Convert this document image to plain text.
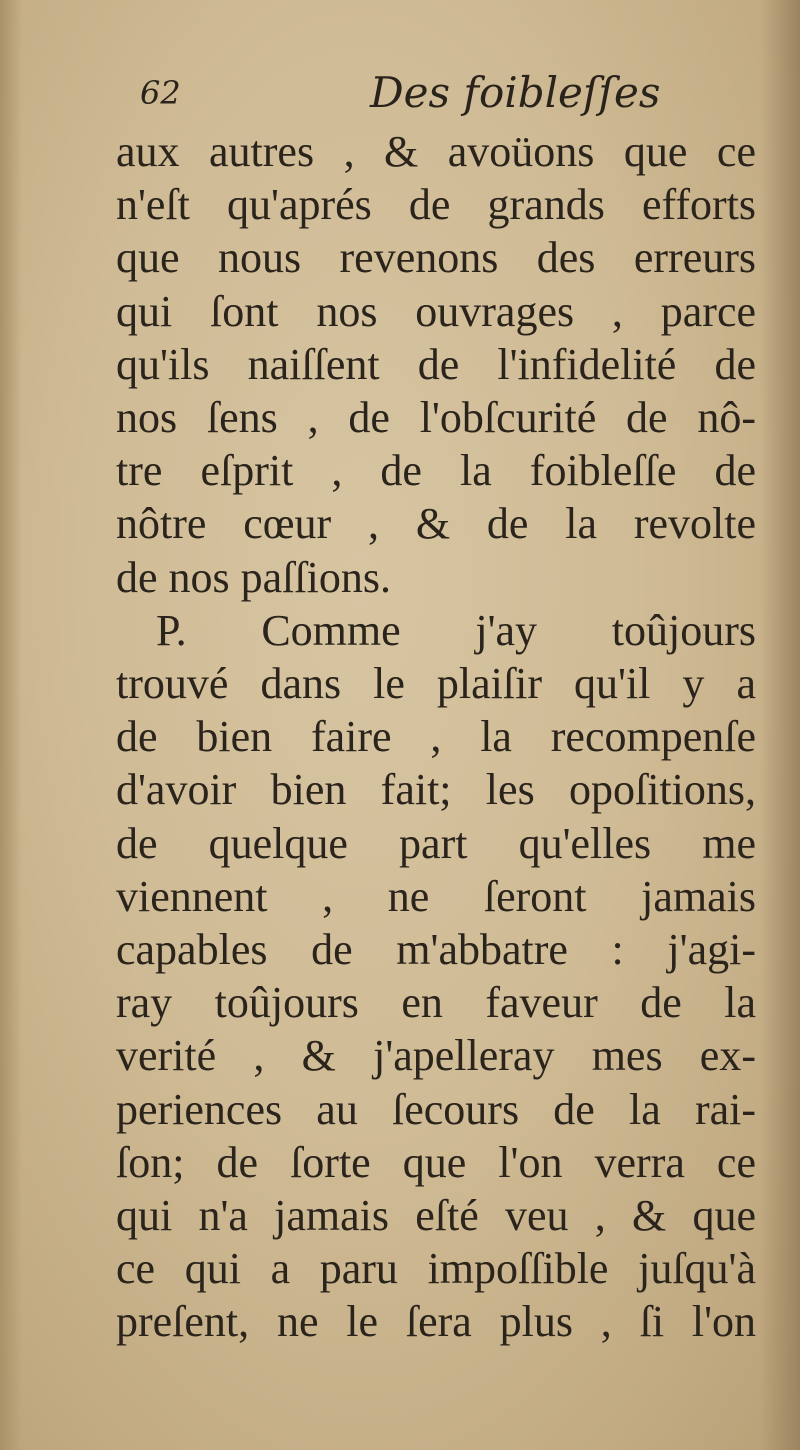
62	Des foibleſſes
aux autres , & avoüons que ce
n'eſt qu'aprés de grands efforts
que nous revenons des erreurs
qui ſont nos ouvrages , parce
qu'ils naiſſent de l'infidelité de
nos ſens , de l'obſcurité de nô-
tre eſprit , de la foibleſſe de
nôtre cœur , & de la revolte
de nos paſſions.
P. Comme j'ay toûjours
trouvé dans le plaiſir qu'il y a
de bien faire , la recompenſe
d'avoir bien fait; les opoſitions,
de quelque part qu'elles me
viennent , ne ſeront jamais
capables de m'abbatre : j'agi-
ray toûjours en faveur de la
verité , & j'apelleray mes ex-
periences au ſecours de la rai-
ſon; de ſorte que l'on verra ce
qui n'a jamais eſté veu , & que
ce qui a paru impoſſible juſqu'à
preſent, ne le ſera plus , ſi l'on
